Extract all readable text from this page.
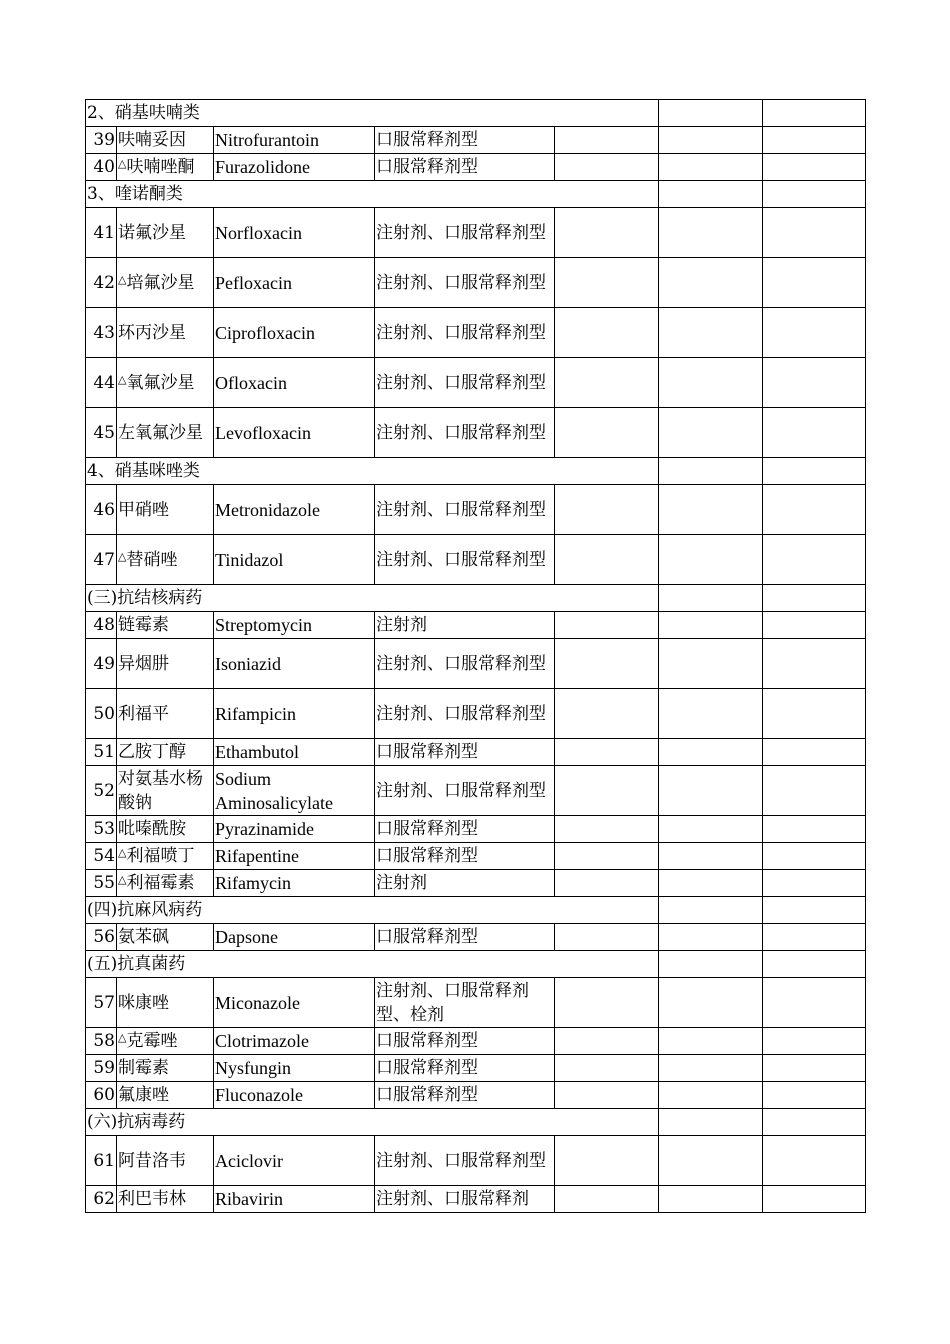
2、硝基呋喃类						
39	呋喃妥因	Nitrofurantoin	口服常释剂型			
40	△呋喃唑酮	Furazolidone	口服常释剂型			
3、喹诺酮类						
41	诺氟沙星	Norfloxacin	注射剂、口服常释剂型			
42	△培氟沙星	Pefloxacin	注射剂、口服常释剂型			
43	环丙沙星	Ciprofloxacin	注射剂、口服常释剂型			
44	△氧氟沙星	Ofloxacin	注射剂、口服常释剂型			
45	左氧氟沙星	Levofloxacin	注射剂、口服常释剂型			
4、硝基咪唑类						
46	甲硝唑	Metronidazole	注射剂、口服常释剂型			
47	△替硝唑	Tinidazol	注射剂、口服常释剂型			
(三)抗结核病药						
48	链霉素	Streptomycin	注射剂			
49	异烟肼	Isoniazid	注射剂、口服常释剂型			
50	利福平	Rifampicin	注射剂、口服常释剂型			
51	乙胺丁醇	Ethambutol	口服常释剂型			
52	对氨基水杨酸钠	Sodium Aminosalicylate	注射剂、口服常释剂型			
53	吡嗪酰胺	Pyrazinamide	口服常释剂型			
54	△利福喷丁	Rifapentine	口服常释剂型			
55	△利福霉素	Rifamycin	注射剂			
(四)抗麻风病药						
56	氨苯砜	Dapsone	口服常释剂型			
(五)抗真菌药						
57	咪康唑	Miconazole	注射剂、口服常释剂型、栓剂			
58	△克霉唑	Clotrimazole	口服常释剂型			
59	制霉素	Nysfungin	口服常释剂型			
60	氟康唑	Fluconazole	口服常释剂型			
(六)抗病毒药						
61	阿昔洛韦	Aciclovir	注射剂、口服常释剂型			
62	利巴韦林	Ribavirin	注射剂、口服常释剂			
